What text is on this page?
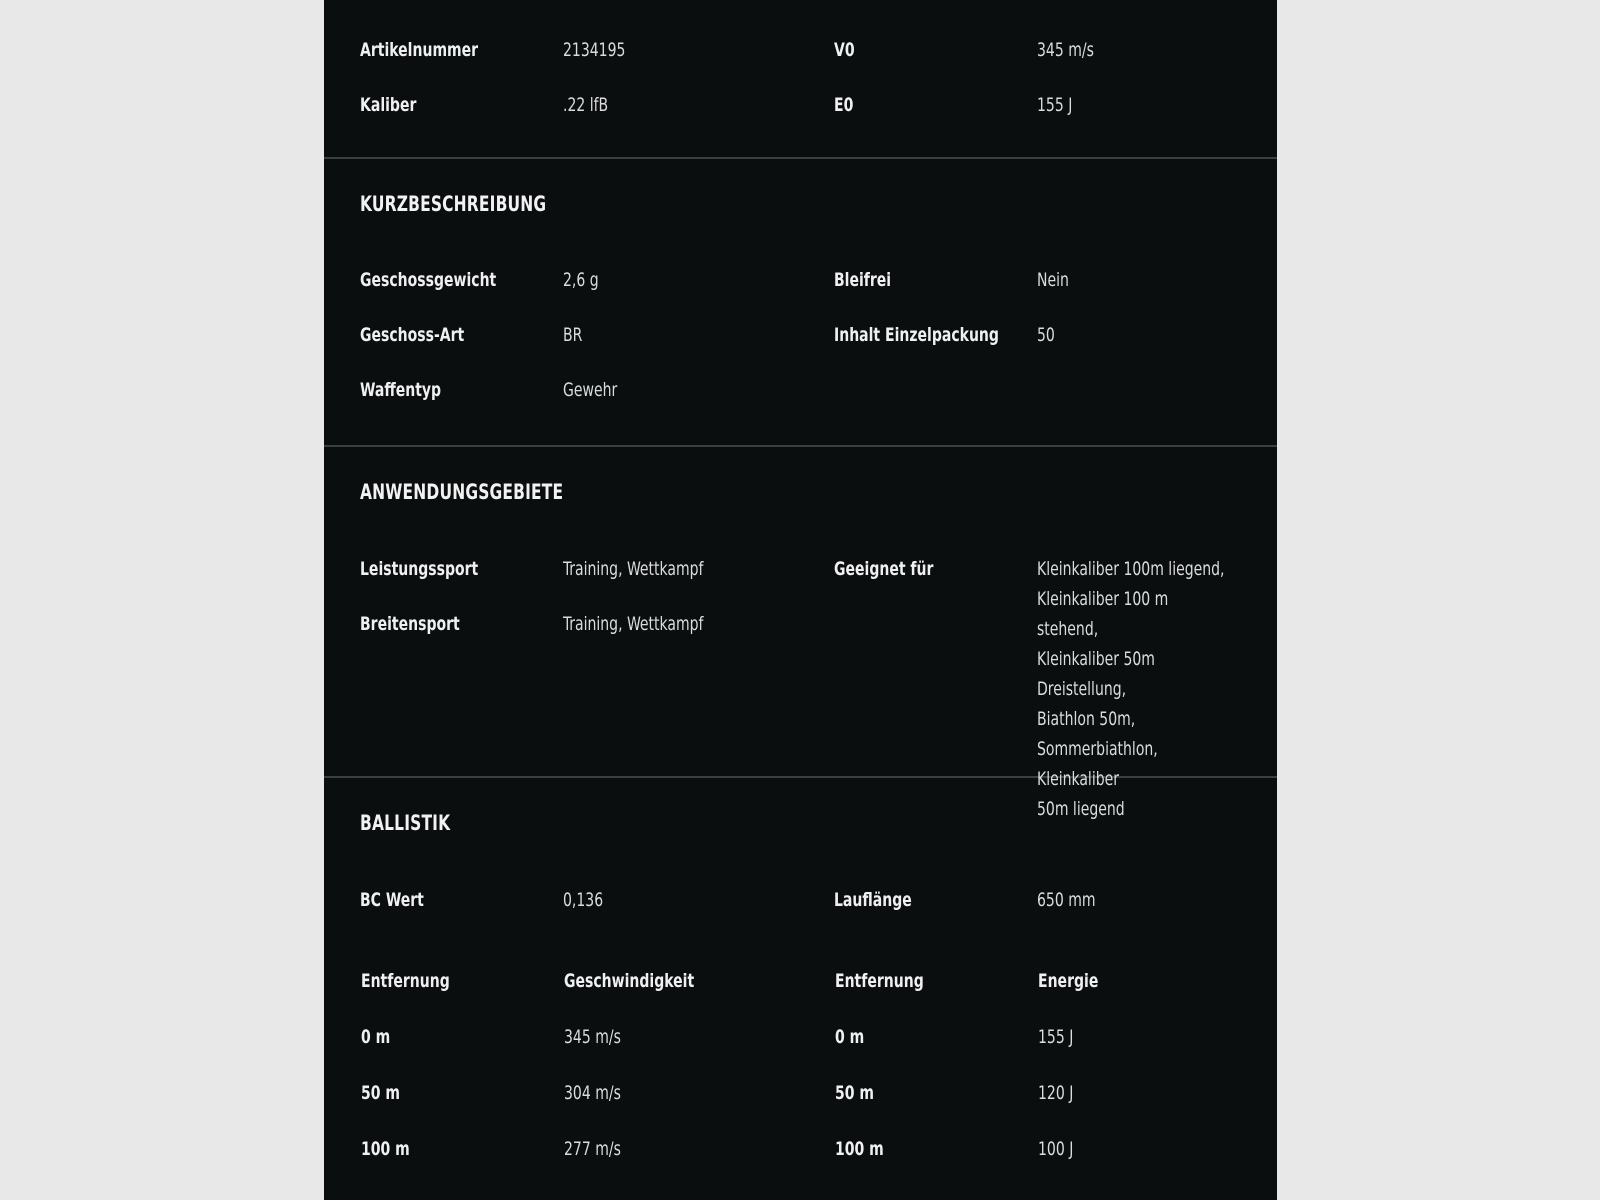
Artikelnummer	2134195	V0	345 m/s
Kaliber	.22 lfB	E0	155 J
KURZBESCHREIBUNG
Geschossgewicht	2,6 g	Bleifrei	Nein
Geschoss-Art	BR	Inhalt Einzelpackung 50
Waffentyp	Gewehr
ANWENDUNGSGEBIETE
Leistungssport	Training, Wettkampf
Breitensport	Training, Wettkampf
Geeignet für	Kleinkaliber 100m liegend,
Kleinkaliber 100 m stehend,
Kleinkaliber 50m Dreistellung,
Biathlon 50m,
Sommerbiathlon, Kleinkaliber
50m liegend
BALLISTIK
BC Wert	0,136	Lauflänge	650 mm
Entfernung	Geschwindigkeit	Entfernung	Energie
0 m	345 m/s	0 m	155 J
50 m	304 m/s	50 m	120 J
100 m	277 m/s	100 m	100 J
